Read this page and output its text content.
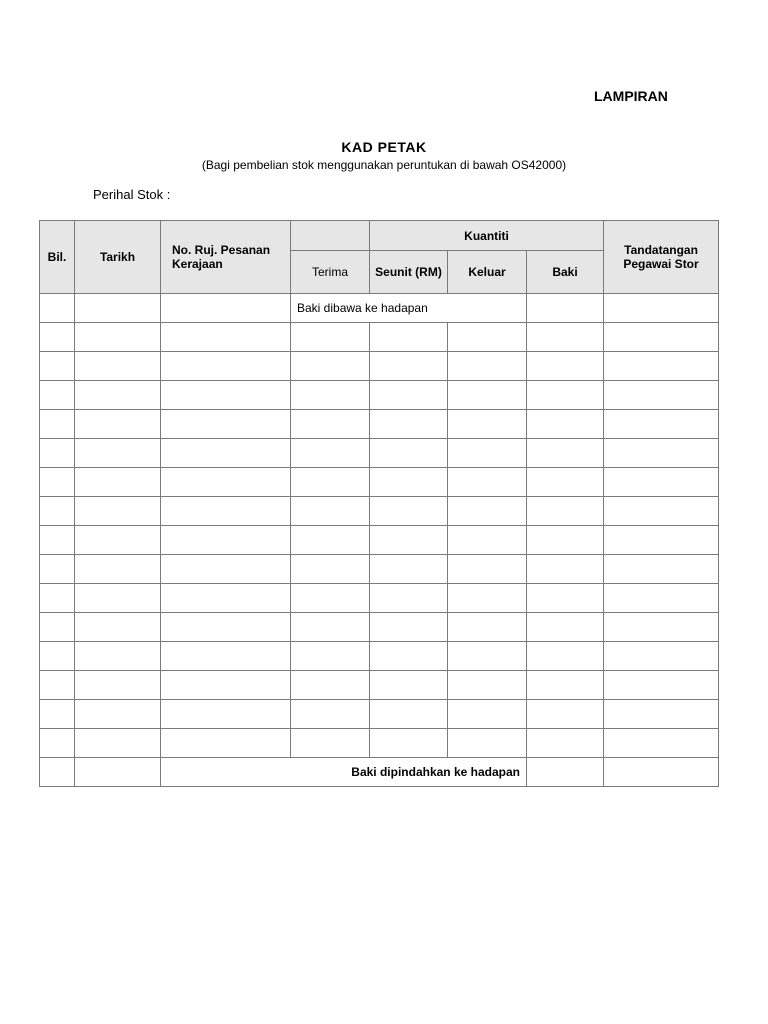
LAMPIRAN
KAD PETAK
(Bagi pembelian stok menggunakan peruntukan di bawah OS42000)
Perihal Stok :
Bil.	Tarikh	No. Ruj. Pesanan Kerajaan		Kuantiti			Tandatangan Pegawai Stor
			Terima	Seunit (RM)	Keluar	Baki	
			Baki dibawa ke hadapan				

		Baki dipindahkan ke hadapan					
